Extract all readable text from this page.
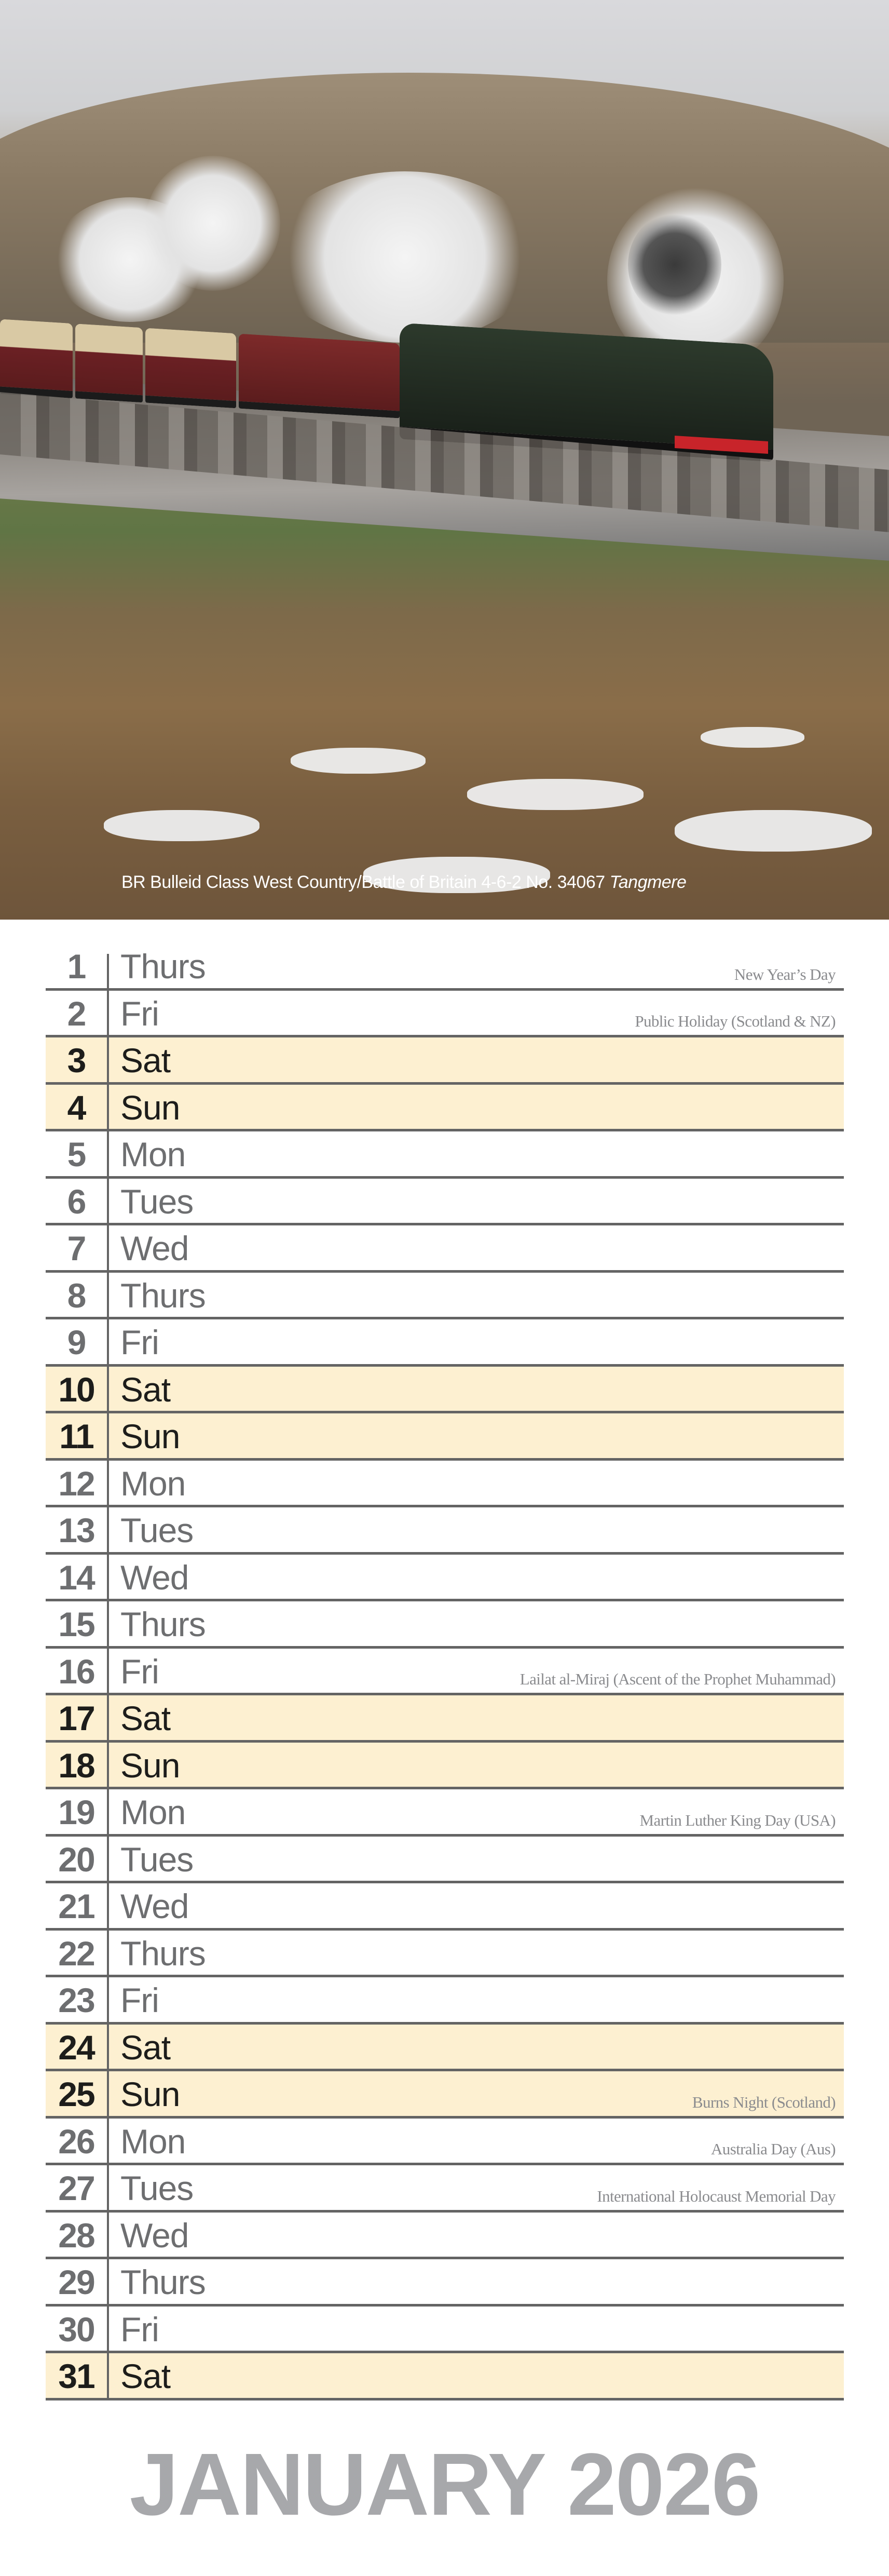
BR Bulleid Class West Country/Battle of Britain 4-6-2 No. 34067 Tangmere
1	Thurs	New Year’s Day
2	Fri	Public Holiday (Scotland & NZ)
3	Sat
4	Sun
5	Mon
6	Tues
7	Wed
8	Thurs
9	Fri
10 Sat
11 Sun
12 Mon
13 Tues
14 Wed
15 Thurs
16 Fri	Lailat al-Miraj (Ascent of the Prophet Muhammad)
17 Sat
18 Sun
19 Mon	Martin Luther King Day (USA)
20 Tues
21 Wed
22 Thurs
23 Fri
24 Sat
25 Sun	Burns Night (Scotland)
26 Mon	Australia Day (Aus)
27 Tues	International Holocaust Memorial Day
28 Wed
29 Thurs
30 Fri
31 Sat
JANUARY 2026
